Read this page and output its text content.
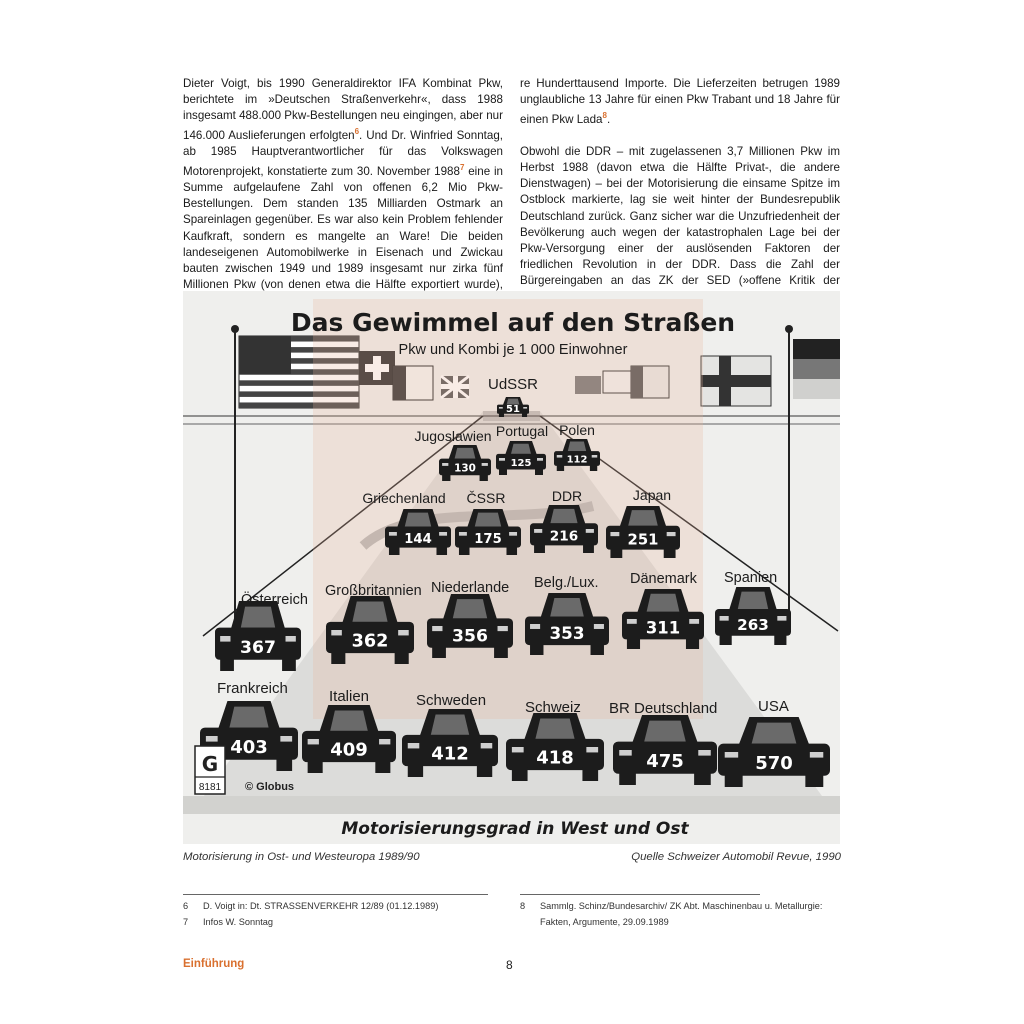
Dieter Voigt, bis 1990 Generaldirektor IFA Kombinat Pkw, berichtete im »Deutschen Straßenverkehr«, dass 1988 insgesamt 488.000 Pkw-Bestellungen neu eingingen, aber nur 146.000 Auslieferungen erfolgten$^6$. Und Dr. Winfried Sonntag, ab 1985 Hauptverantwortlicher für das Volkswagen Motorenprojekt, konstatierte zum 30. November 1988$^7$ eine in Summe aufgelaufene Zahl von offenen 6,2 Mio Pkw-Bestellungen. Dem standen 135 Milliarden Ostmark an Spareinlagen gegenüber. Es war also kein Problem fehlender Kaufkraft, sondern es mangelte an Ware! Die beiden landeseigenen Automobilwerke in Eisenach und Zwickau bauten zwischen 1949 und 1989 insgesamt nur zirka fünf Millionen Pkw (von denen etwa die Hälfte exportiert wurde),

re Hunderttausend Importe. Die Lieferzeiten betrugen 1989 unglaubliche 13 Jahre für einen Pkw Trabant und 18 Jahre für einen Pkw Lada$^8$.

Obwohl die DDR – mit zugelassenen 3,7 Millionen Pkw im Herbst 1988 (davon etwa die Hälfte Privat-, die andere Dienstwagen) – bei der Motorisierung die einsame Spitze im Ostblock markierte, lag sie weit hinter der Bundesrepublik Deutschland zurück. Ganz sicher war die Unzufriedenheit der Bevölkerung auch wegen der katastrophalen Lage bei der Pkw-Versorgung einer der auslösenden Faktoren der friedlichen Revolution in der DDR. Dass die Zahl der Bürgereingaben an das ZK der SED (»offene Kritik der

Das Gewimmel auf den Straßen
Pkw und Kombi je 1 000 Einwohner
Motorisierungsgrad in West und Ost
51
UdSSR
130
Jugoslawien
125
Portugal
112
Polen
144
Griechenland
175
ČSSR
216
DDR
251
Japan
367
Österreich
362
Großbritannien
356
Niederlande
353
Belg./Lux.
311
Dänemark
263
Spanien
403
Frankreich
409
Italien
412
Schweden
418
Schweiz
475
BR Deutschland
570
USA
G
8181 © Globus
Motorisierung in Ost- und Westeuropa 1989/90	Quelle Schweizer Automobil Revue, 1990
6	D. Voigt in: Dt. STRASSENVERKEHR 12/89 (01.12.1989)
7	Infos W. Sonntag
8	Sammlg. Schinz/Bundesarchiv/ ZK Abt. Maschinenbau u. Metallurgie: Fakten, Argumente, 29.09.1989
Einführung	8
